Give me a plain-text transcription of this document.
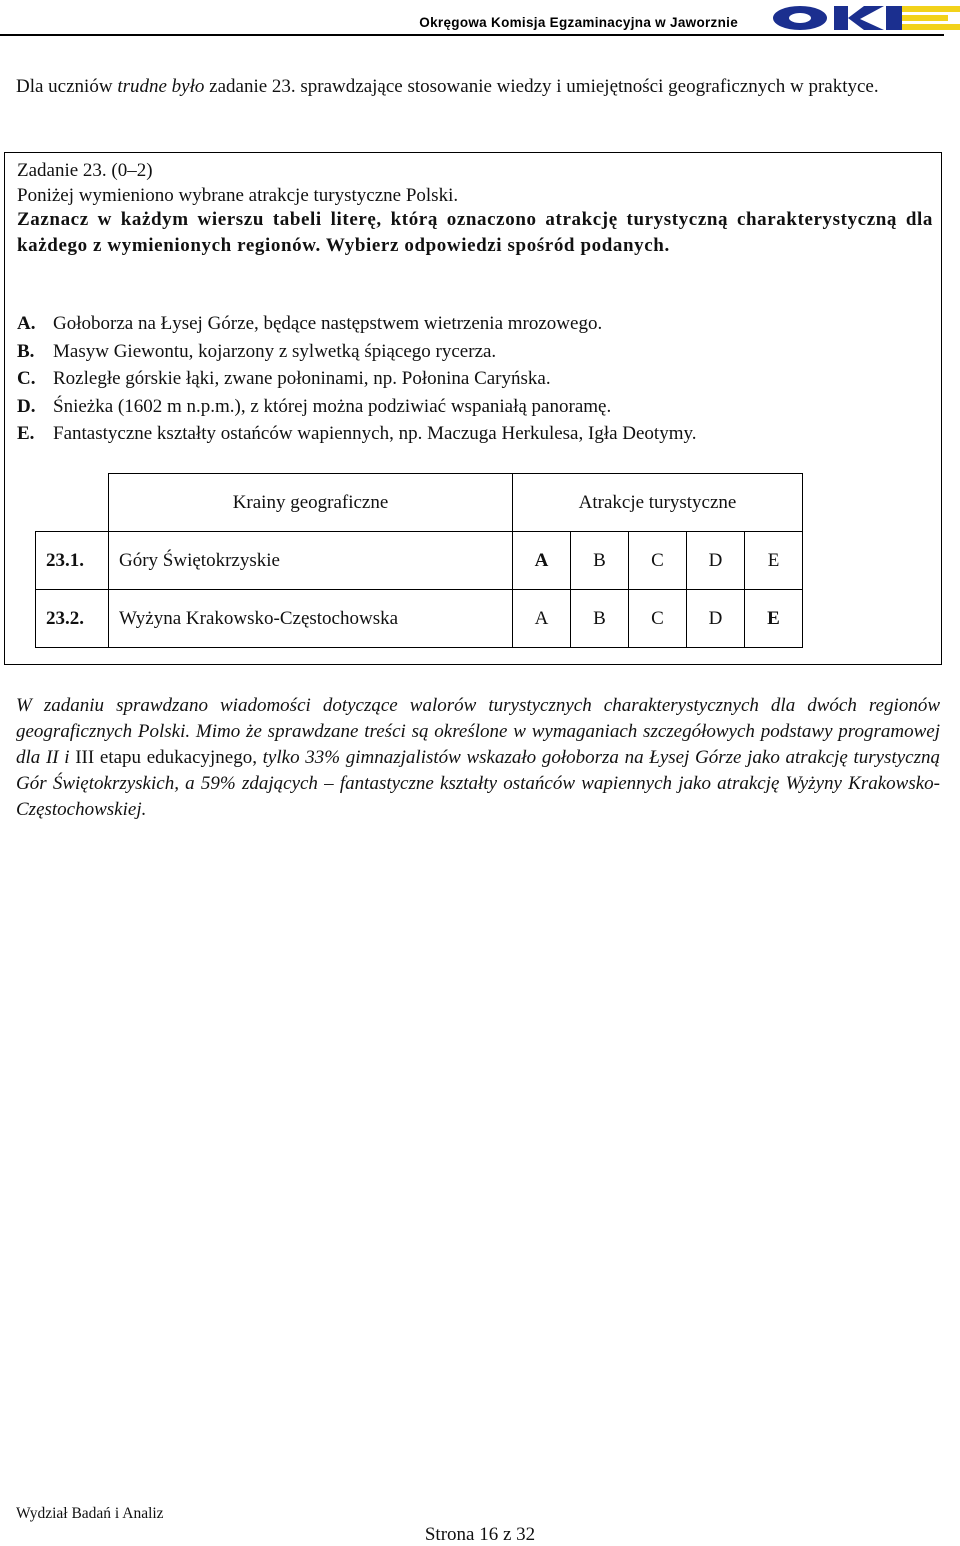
Okręgowa Komisja Egzaminacyjna w Jaworznie
Dla uczniów trudne było zadanie 23. sprawdzające stosowanie wiedzy i umiejętności geograficznych w praktyce.
Zadanie 23. (0–2)
Poniżej wymieniono wybrane atrakcje turystyczne Polski.
Zaznacz w każdym wierszu tabeli literę, którą oznaczono atrakcję turystyczną charakterystyczną dla każdego z wymienionych regionów. Wybierz odpowiedzi spośród podanych.
A. Gołoborza na Łysej Górze, będące następstwem wietrzenia mrozowego.
B. Masyw Giewontu, kojarzony z sylwetką śpiącego rycerza.
C. Rozległe górskie łąki, zwane połoninami, np. Połonina Caryńska.
D. Śnieżka (1602 m n.p.m.), z której można podziwiać wspaniałą panoramę.
E. Fantastyczne kształty ostańców wapiennych, np. Maczuga Herkulesa, Igła Deotymy.
	Krainy geograficzne	Atrakcje turystyczne				
23.1.	Góry Świętokrzyskie	A	B	C	D	E
23.2.	Wyżyna Krakowsko-Częstochowska	A	B	C	D	E
W zadaniu sprawdzano wiadomości dotyczące walorów turystycznych charakterystycznych dla dwóch regionów geograficznych Polski. Mimo że sprawdzane treści są określone w wymaganiach szczegółowych podstawy programowej dla II i III etapu edukacyjnego, tylko 33% gimnazjalistów wskazało gołoborza na Łysej Górze jako atrakcję turystyczną Gór Świętokrzyskich, a 59% zdających – fantastyczne kształty ostańców wapiennych jako atrakcję Wyżyny Krakowsko-Częstochowskiej.
Wydział Badań i Analiz
Strona 16 z 32
